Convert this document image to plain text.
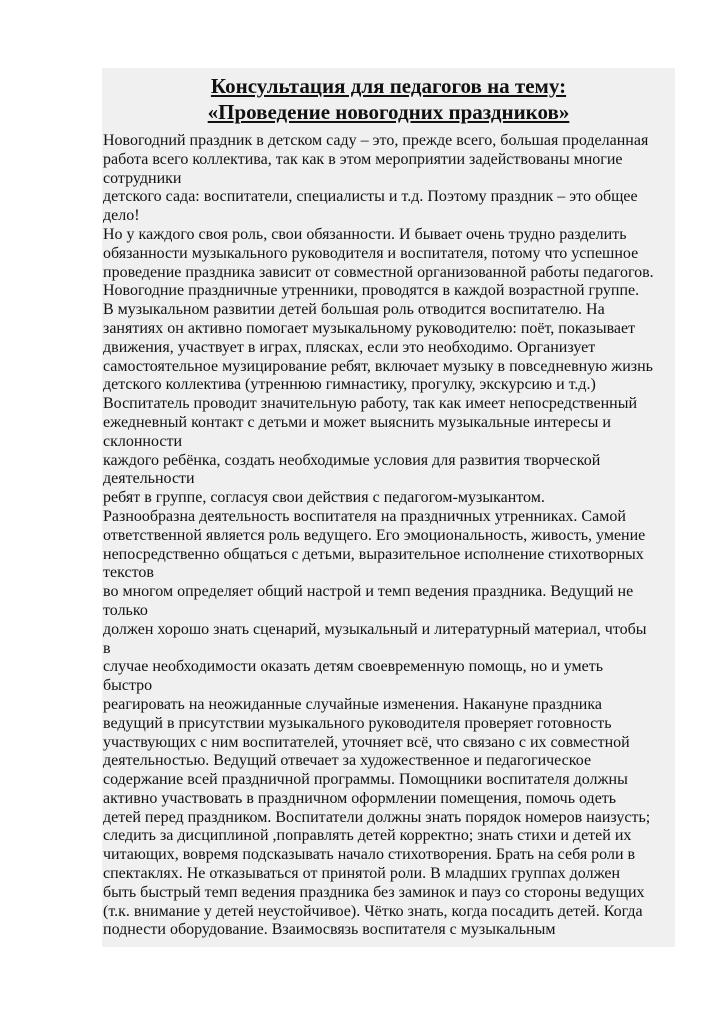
Консультация для педагогов на тему:
«Проведение новогодних праздников»
Новогодний праздник в детском саду – это, прежде всего, большая проделанная
работа всего коллектива, так как в этом мероприятии задействованы многие
сотрудники
детского сада: воспитатели, специалисты и т.д. Поэтому праздник – это общее
дело!
Но у каждого своя роль, свои обязанности. И бывает очень трудно разделить
обязанности музыкального руководителя и воспитателя, потому что успешное
проведение праздника зависит от совместной организованной работы педагогов.
Новогодние праздничные утренники, проводятся в каждой возрастной группе.
В музыкальном развитии детей большая роль отводится воспитателю. На
занятиях он активно помогает музыкальному руководителю: поёт, показывает
движения, участвует в играх, плясках, если это необходимо. Организует
самостоятельное музицирование ребят, включает музыку в повседневную жизнь
детского коллектива (утреннюю гимнастику, прогулку, экскурсию и т.д.)
Воспитатель проводит значительную работу, так как имеет непосредственный
ежедневный контакт с детьми и может выяснить музыкальные интересы и
склонности
каждого ребёнка, создать необходимые условия для развития творческой
деятельности
ребят в группе, согласуя свои действия с педагогом-музыкантом.
Разнообразна деятельность воспитателя на праздничных утренниках. Самой
ответственной является роль ведущего. Его эмоциональность, живость, умение
непосредственно общаться с детьми, выразительное исполнение стихотворных
текстов
во многом определяет общий настрой и темп ведения праздника. Ведущий не
только
должен хорошо знать сценарий, музыкальный и литературный материал, чтобы
в
случае необходимости оказать детям своевременную помощь, но и уметь
быстро
реагировать на неожиданные случайные изменения. Накануне праздника
ведущий в присутствии музыкального руководителя проверяет готовность
участвующих с ним воспитателей, уточняет всё, что связано с их совместной
деятельностью. Ведущий отвечает за художественное и педагогическое
содержание всей праздничной программы. Помощники воспитателя должны
активно участвовать в праздничном оформлении помещения, помочь одеть
детей перед праздником. Воспитатели должны знать порядок номеров наизусть;
следить за дисциплиной ,поправлять детей корректно; знать стихи и детей их
читающих, вовремя подсказывать начало стихотворения. Брать на себя роли в
спектаклях. Не отказываться от принятой роли. В младших группах должен
быть быстрый темп ведения праздника без заминок и пауз со стороны ведущих
(т.к. внимание у детей неустойчивое). Чётко знать, когда посадить детей. Когда
поднести оборудование. Взаимосвязь воспитателя с музыкальным
